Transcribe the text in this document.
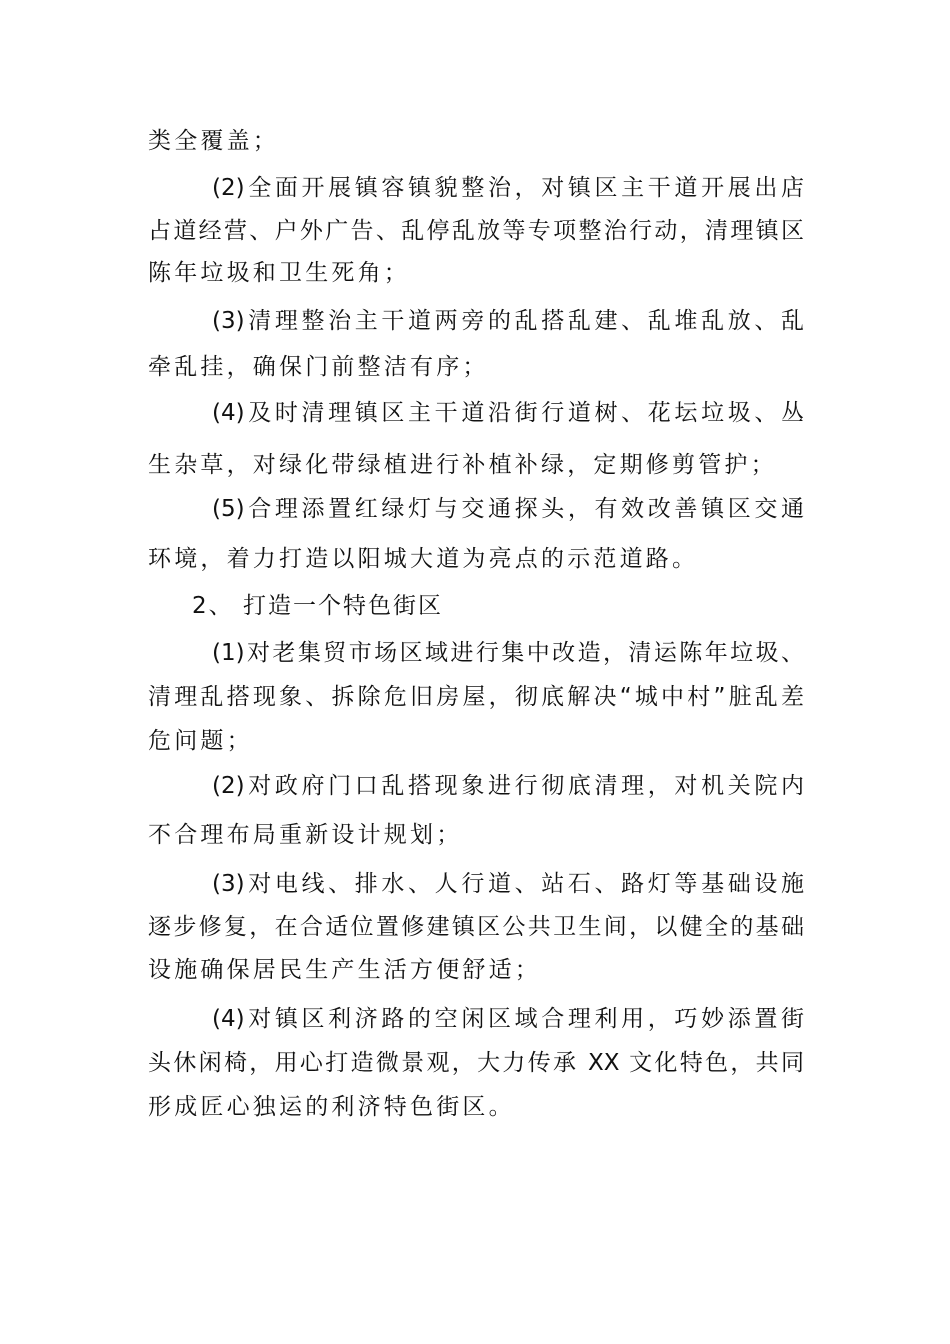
类全覆盖；
(2)全面开展镇容镇貌整治，对镇区主干道开展出店
占道经营、户外广告、乱停乱放等专项整治行动，清理镇区
陈年垃圾和卫生死角；
(3)清理整治主干道两旁的乱搭乱建、乱堆乱放、乱
牵乱挂，确保门前整洁有序；
(4)及时清理镇区主干道沿街行道树、花坛垃圾、丛
生杂草，对绿化带绿植进行补植补绿，定期修剪管护；
(5)合理添置红绿灯与交通探头，有效改善镇区交通
环境，着力打造以阳城大道为亮点的示范道路。
2、 打造一个特色街区
(1)对老集贸市场区域进行集中改造，清运陈年垃圾、
清理乱搭现象、拆除危旧房屋，彻底解决“城中村”脏乱差
危问题；
(2)对政府门口乱搭现象进行彻底清理，对机关院内
不合理布局重新设计规划；
(3)对电线、排水、人行道、站石、路灯等基础设施
逐步修复，在合适位置修建镇区公共卫生间，以健全的基础
设施确保居民生产生活方便舒适；
(4)对镇区利济路的空闲区域合理利用，巧妙添置街
头休闲椅，用心打造微景观，大力传承 XX 文化特色，共同
形成匠心独运的利济特色街区。
